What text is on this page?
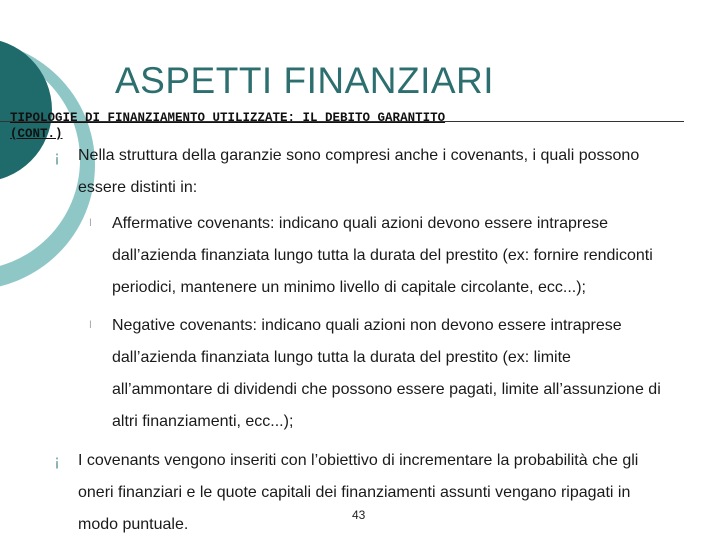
ASPETTI FINANZIARI
TIPOLOGIE DI FINANZIAMENTO UTILIZZATE: IL DEBITO GARANTITO
(CONT.)
¡ Nella struttura della garanzie sono compresi anche i covenants, i quali possono
essere distinti in:
l Affermative covenants: indicano quali azioni devono essere intraprese
dall’azienda finanziata lungo tutta la durata del prestito (ex: fornire rendiconti
periodici, mantenere un minimo livello di capitale circolante, ecc...);
l Negative covenants: indicano quali azioni non devono essere intraprese
dall’azienda finanziata lungo tutta la durata del prestito (ex: limite
all’ammontare di dividendi che possono essere pagati, limite all’assunzione di
altri finanziamenti, ecc...);
¡ I covenants vengono inseriti con l’obiettivo di incrementare la probabilità che gli
oneri finanziari e le quote capitali dei finanziamenti assunti vengano ripagati in
modo puntuale.
43
